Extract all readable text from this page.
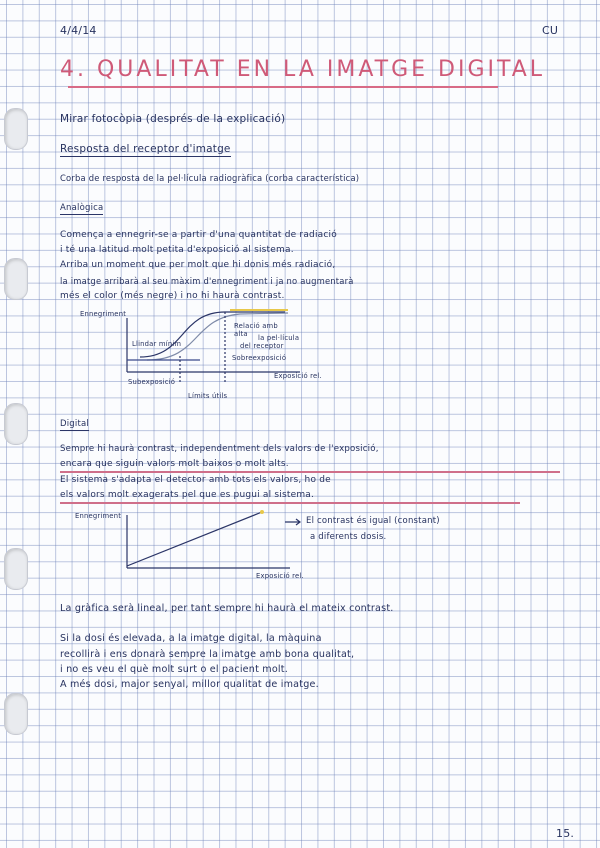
4/4/14	CU
4. QUALITAT EN LA IMATGE DIGITAL
Mirar fotocòpia (després de la explicació)
Resposta del receptor d'imatge
Corba de resposta de la pel·lícula radiogràfica (corba característica)
Analògica
Comença a ennegrir-se a partir d'una quantitat de radiació
i té una latitud molt petita d'exposició al sistema.
Arriba un moment que per molt que hi donis més radiació,
la imatge arribarà al seu màxim d'ennegriment i ja no augmentarà
més el color (més negre) i no hi haurà contrast.
Ennegriment
Llindar mínim
Subexposició
Límits útils
Relació amb
alta la pel·lícula
del receptor
Sobreexposició
Exposició rel.
Digital
Sempre hi haurà contrast, independentment dels valors de l'exposició,
encara que siguin valors molt baixos o molt alts.
El sistema s'adapta el detector amb tots els valors, ho de
els valors molt exagerats pel que es pugui al sistema.
Ennegriment
Exposició rel.
El contrast és igual (constant)
a diferents dosis.
La gràfica serà lineal, per tant sempre hi haurà el mateix contrast.
Si la dosi és elevada, a la imatge digital, la màquina
recollirà i ens donarà sempre la imatge amb bona qualitat,
i no es veu el què molt surt o el pacient molt.
A més dosi, major senyal, millor qualitat de imatge.
15.
